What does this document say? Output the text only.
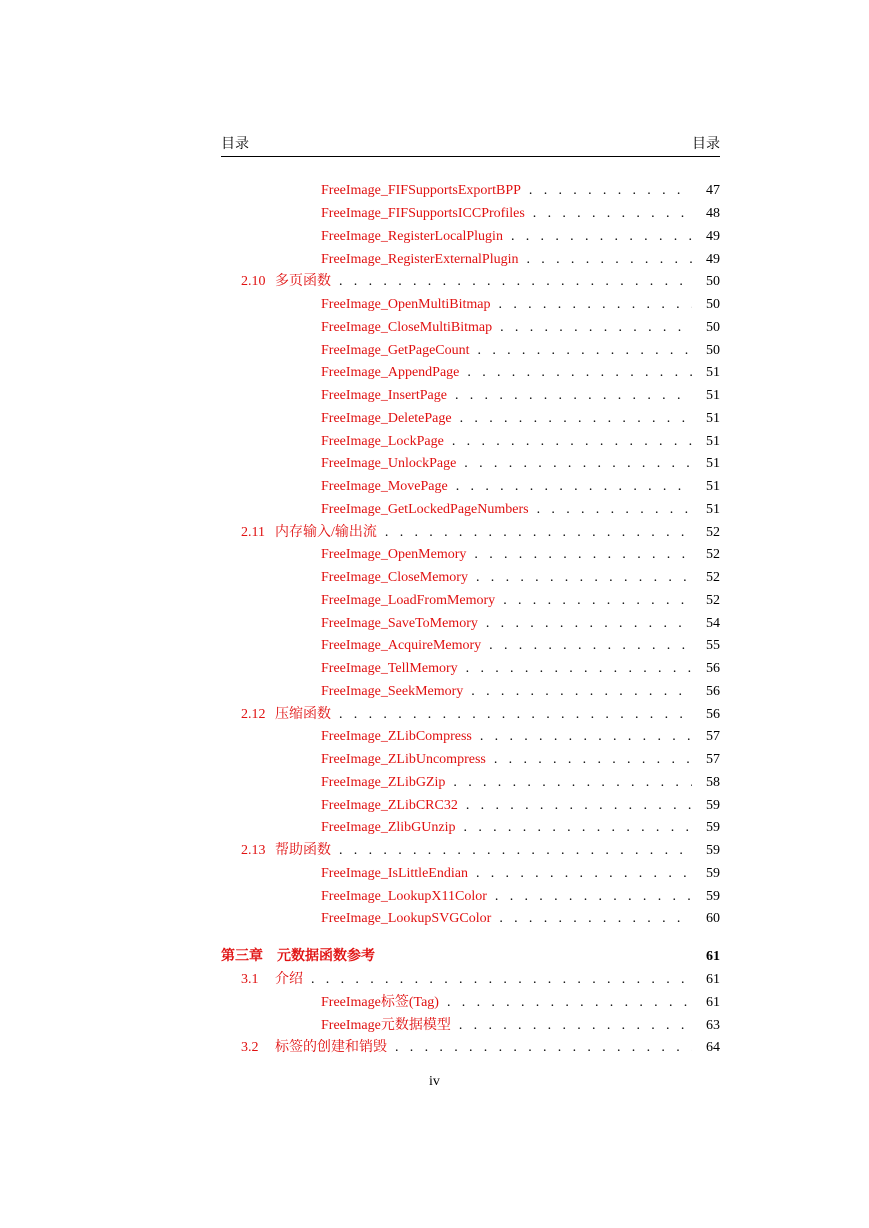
目录	目录
FreeImage_FIFSupportsExportBPP . . .	47
FreeImage_FIFSupportsICCProfiles . . .	48
FreeImage_RegisterLocalPlugin . . .	49
FreeImage_RegisterExternalPlugin . . .	49
2.10 多页函数 . . .	50
FreeImage_OpenMultiBitmap . . .	50
FreeImage_CloseMultiBitmap . . .	50
FreeImage_GetPageCount . . .	50
FreeImage_AppendPage . . .	51
FreeImage_InsertPage . . .	51
FreeImage_DeletePage . . .	51
FreeImage_LockPage . . .	51
FreeImage_UnlockPage . . .	51
FreeImage_MovePage . . .	51
FreeImage_GetLockedPageNumbers . . .	51
2.11 内存输入/输出流 . . .	52
FreeImage_OpenMemory . . .	52
FreeImage_CloseMemory . . .	52
FreeImage_LoadFromMemory . . .	52
FreeImage_SaveToMemory . . .	54
FreeImage_AcquireMemory . . .	55
FreeImage_TellMemory . . .	56
FreeImage_SeekMemory . . .	56
2.12 压缩函数 . . .	56
FreeImage_ZLibCompress . . .	57
FreeImage_ZLibUncompress . . .	57
FreeImage_ZLibGZip . . .	58
FreeImage_ZLibCRC32 . . .	59
FreeImage_ZlibGUnzip . . .	59
2.13 帮助函数 . . .	59
FreeImage_IsLittleEndian . . .	59
FreeImage_LookupX11Color . . .	59
FreeImage_LookupSVGColor . . .	60
第三章 元数据函数参考	61
3.1 介绍 . . .	61
FreeImage标签(Tag) . . .	61
FreeImage元数据模型 . . .	63
3.2 标签的创建和销毁 . . .	64
iv
